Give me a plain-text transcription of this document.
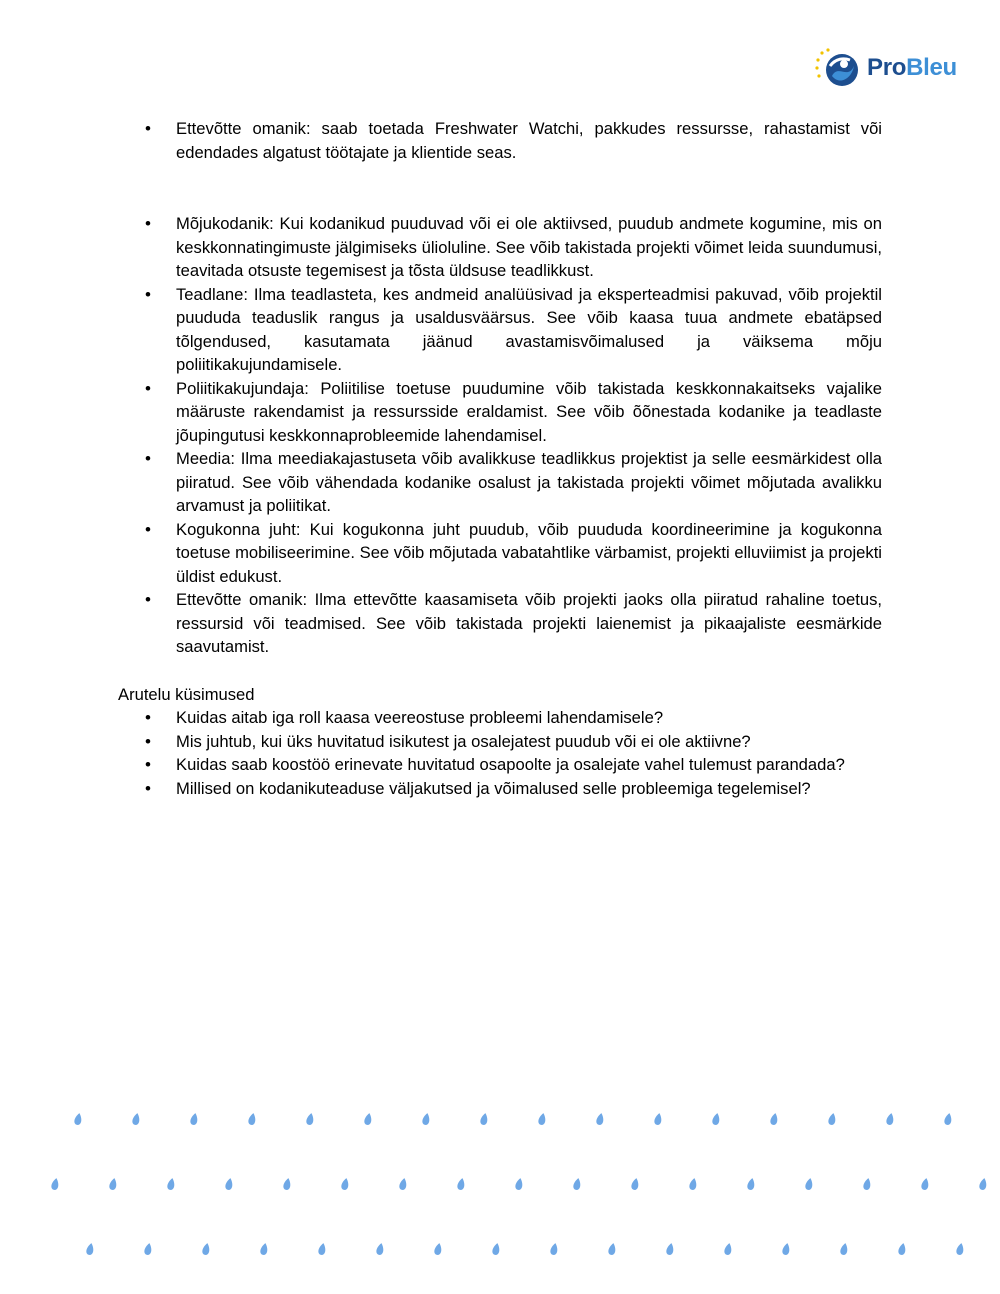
ProBleu
• Ettevõtte omanik: saab toetada Freshwater Watchi, pakkudes ressursse, rahastamist või edendades algatust töötajate ja klientide seas.
• Mõjukodanik: Kui kodanikud puuduvad või ei ole aktiivsed, puudub andmete kogumine, mis on keskkonnatingimuste jälgimiseks ülioluline. See võib takistada projekti võimet leida suundumusi, teavitada otsuste tegemisest ja tõsta üldsuse teadlikkust.
• Teadlane: Ilma teadlasteta, kes andmeid analüüsivad ja eksperteadmisi pakuvad, võib projektil puududa teaduslik rangus ja usaldusväärsus. See võib kaasa tuua andmete ebatäpsed tõlgendused, kasutamata jäänud avastamisvõimalused ja väiksema mõju poliitikakujundamisele.
• Poliitikakujundaja: Poliitilise toetuse puudumine võib takistada keskkonnakaitseks vajalike määruste rakendamist ja ressursside eraldamist. See võib õõnestada kodanike ja teadlaste jõupingutusi keskkonnaprobleemide lahendamisel.
• Meedia: Ilma meediakajastuseta võib avalikkuse teadlikkus projektist ja selle eesmärkidest olla piiratud. See võib vähendada kodanike osalust ja takistada projekti võimet mõjutada avalikku arvamust ja poliitikat.
• Kogukonna juht: Kui kogukonna juht puudub, võib puududa koordineerimine ja kogukonna toetuse mobiliseerimine. See võib mõjutada vabatahtlike värbamist, projekti elluviimist ja projekti üldist edukust.
• Ettevõtte omanik: Ilma ettevõtte kaasamiseta võib projekti jaoks olla piiratud rahaline toetus, ressursid või teadmised. See võib takistada projekti laienemist ja pikaajaliste eesmärkide saavutamist.
Arutelu küsimused
• Kuidas aitab iga roll kaasa veereostuse probleemi lahendamisele?
• Mis juhtub, kui üks huvitatud isikutest ja osalejatest puudub või ei ole aktiivne?
• Kuidas saab koostöö erinevate huvitatud osapoolte ja osalejate vahel tulemust parandada?
• Millised on kodanikuteaduse väljakutsed ja võimalused selle probleemiga tegelemisel?
